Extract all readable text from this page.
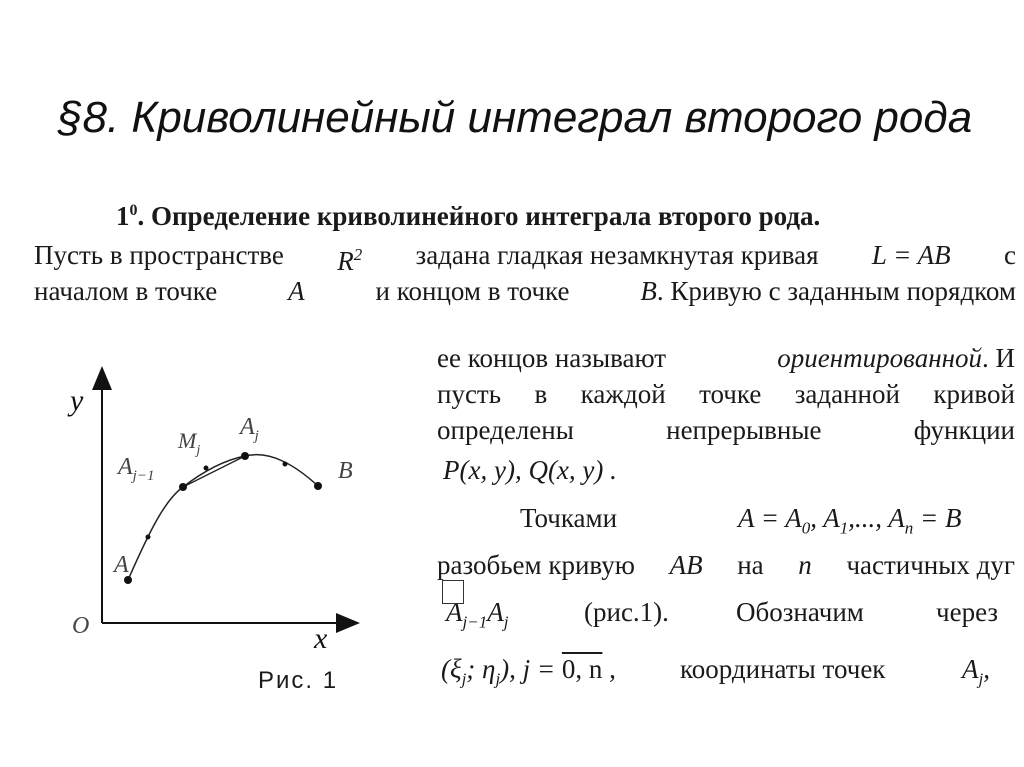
§8. Криволинейный интеграл второго рода
$1^0$. Определение криволинейного интеграла второго рода.
Пусть в пространстве $R^2$ задана гладкая незамкнутая кривая L = AB с
началом в точке	A	и концом в точке	B. Кривую с заданным порядком
ее концов называют	ориентированной. И
пусть в каждой точке заданной кривой
определены	непрерывные	функции
P(x, y), Q(x, y) .
Точками	$A = A_0$, $A_1$,..., $A_n = B$
разобьем кривую AB на n частичных дуг
$A_{j-1}A_j$	(рис.1). Обозначим	через
($\xi_j$; $\eta_j$), j = 0, n , координаты точек	$A_j$,
y
x
O
B
$A_j$
$M_j$
$A_{j-1}$
A
Рис. 1
